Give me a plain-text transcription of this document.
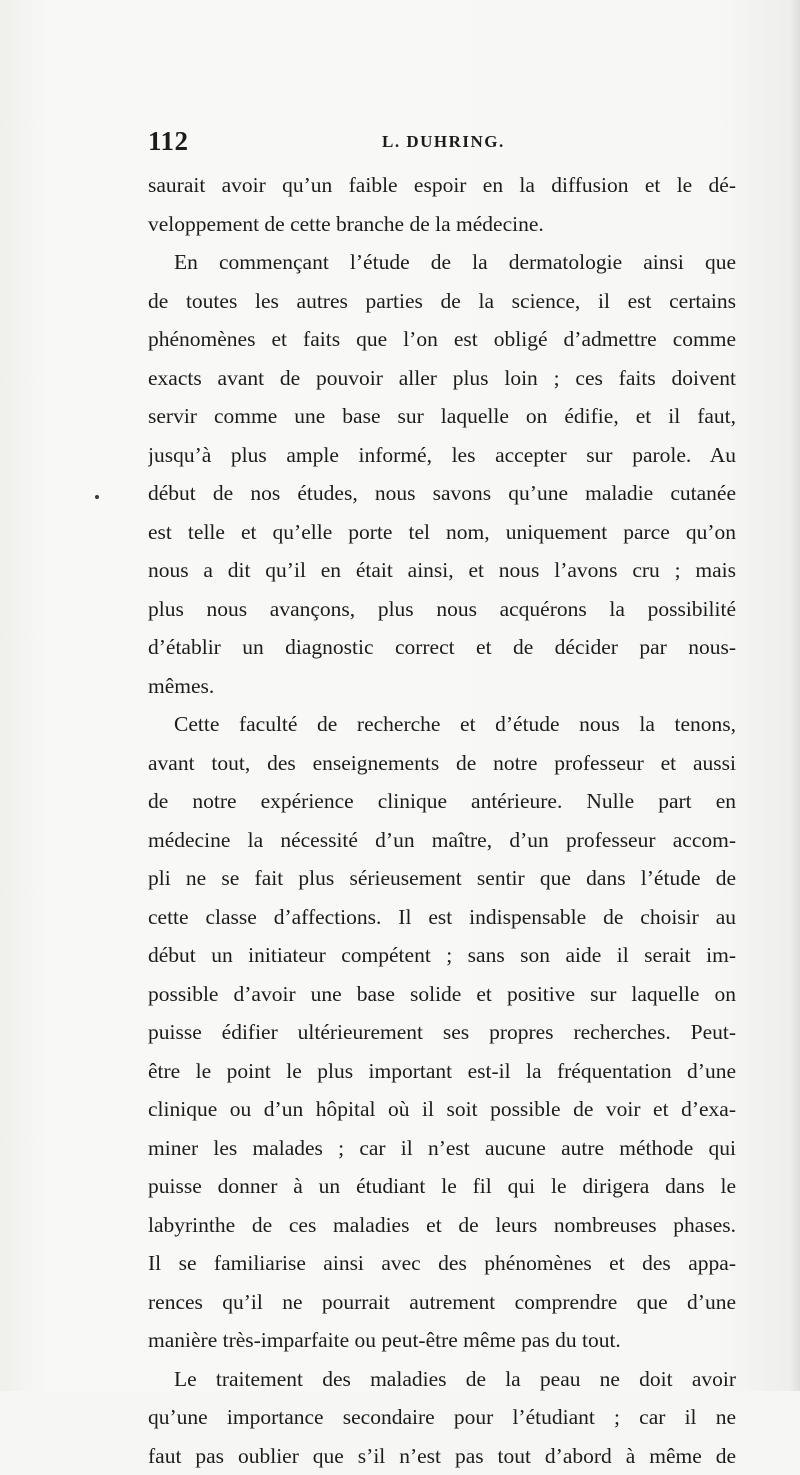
112	L. DUHRING.
saurait avoir qu’un faible espoir en la diffusion et le dé-
veloppement de cette branche de la médecine.
En commençant l’étude de la dermatologie ainsi que
de toutes les autres parties de la science, il est certains
phénomènes et faits que l’on est obligé d’admettre comme
exacts avant de pouvoir aller plus loin ; ces faits doivent
servir comme une base sur laquelle on édifie, et il faut,
jusqu’à plus ample informé, les accepter sur parole. Au
début de nos études, nous savons qu’une maladie cutanée
est telle et qu’elle porte tel nom, uniquement parce qu’on
nous a dit qu’il en était ainsi, et nous l’avons cru ; mais
plus nous avançons, plus nous acquérons la possibilité
d’établir un diagnostic correct et de décider par nous-
mêmes.
Cette faculté de recherche et d’étude nous la tenons,
avant tout, des enseignements de notre professeur et aussi
de notre expérience clinique antérieure. Nulle part en
médecine la nécessité d’un maître, d’un professeur accom-
pli ne se fait plus sérieusement sentir que dans l’étude de
cette classe d’affections. Il est indispensable de choisir au
début un initiateur compétent ; sans son aide il serait im-
possible d’avoir une base solide et positive sur laquelle on
puisse édifier ultérieurement ses propres recherches. Peut-
être le point le plus important est-il la fréquentation d’une
clinique ou d’un hôpital où il soit possible de voir et d’exa-
miner les malades ; car il n’est aucune autre méthode qui
puisse donner à un étudiant le fil qui le dirigera dans le
labyrinthe de ces maladies et de leurs nombreuses phases.
Il se familiarise ainsi avec des phénomènes et des appa-
rences qu’il ne pourrait autrement comprendre que d’une
manière très-imparfaite ou peut-être même pas du tout.
Le traitement des maladies de la peau ne doit avoir
qu’une importance secondaire pour l’étudiant ; car il ne
faut pas oublier que s’il n’est pas tout d’abord à même de
